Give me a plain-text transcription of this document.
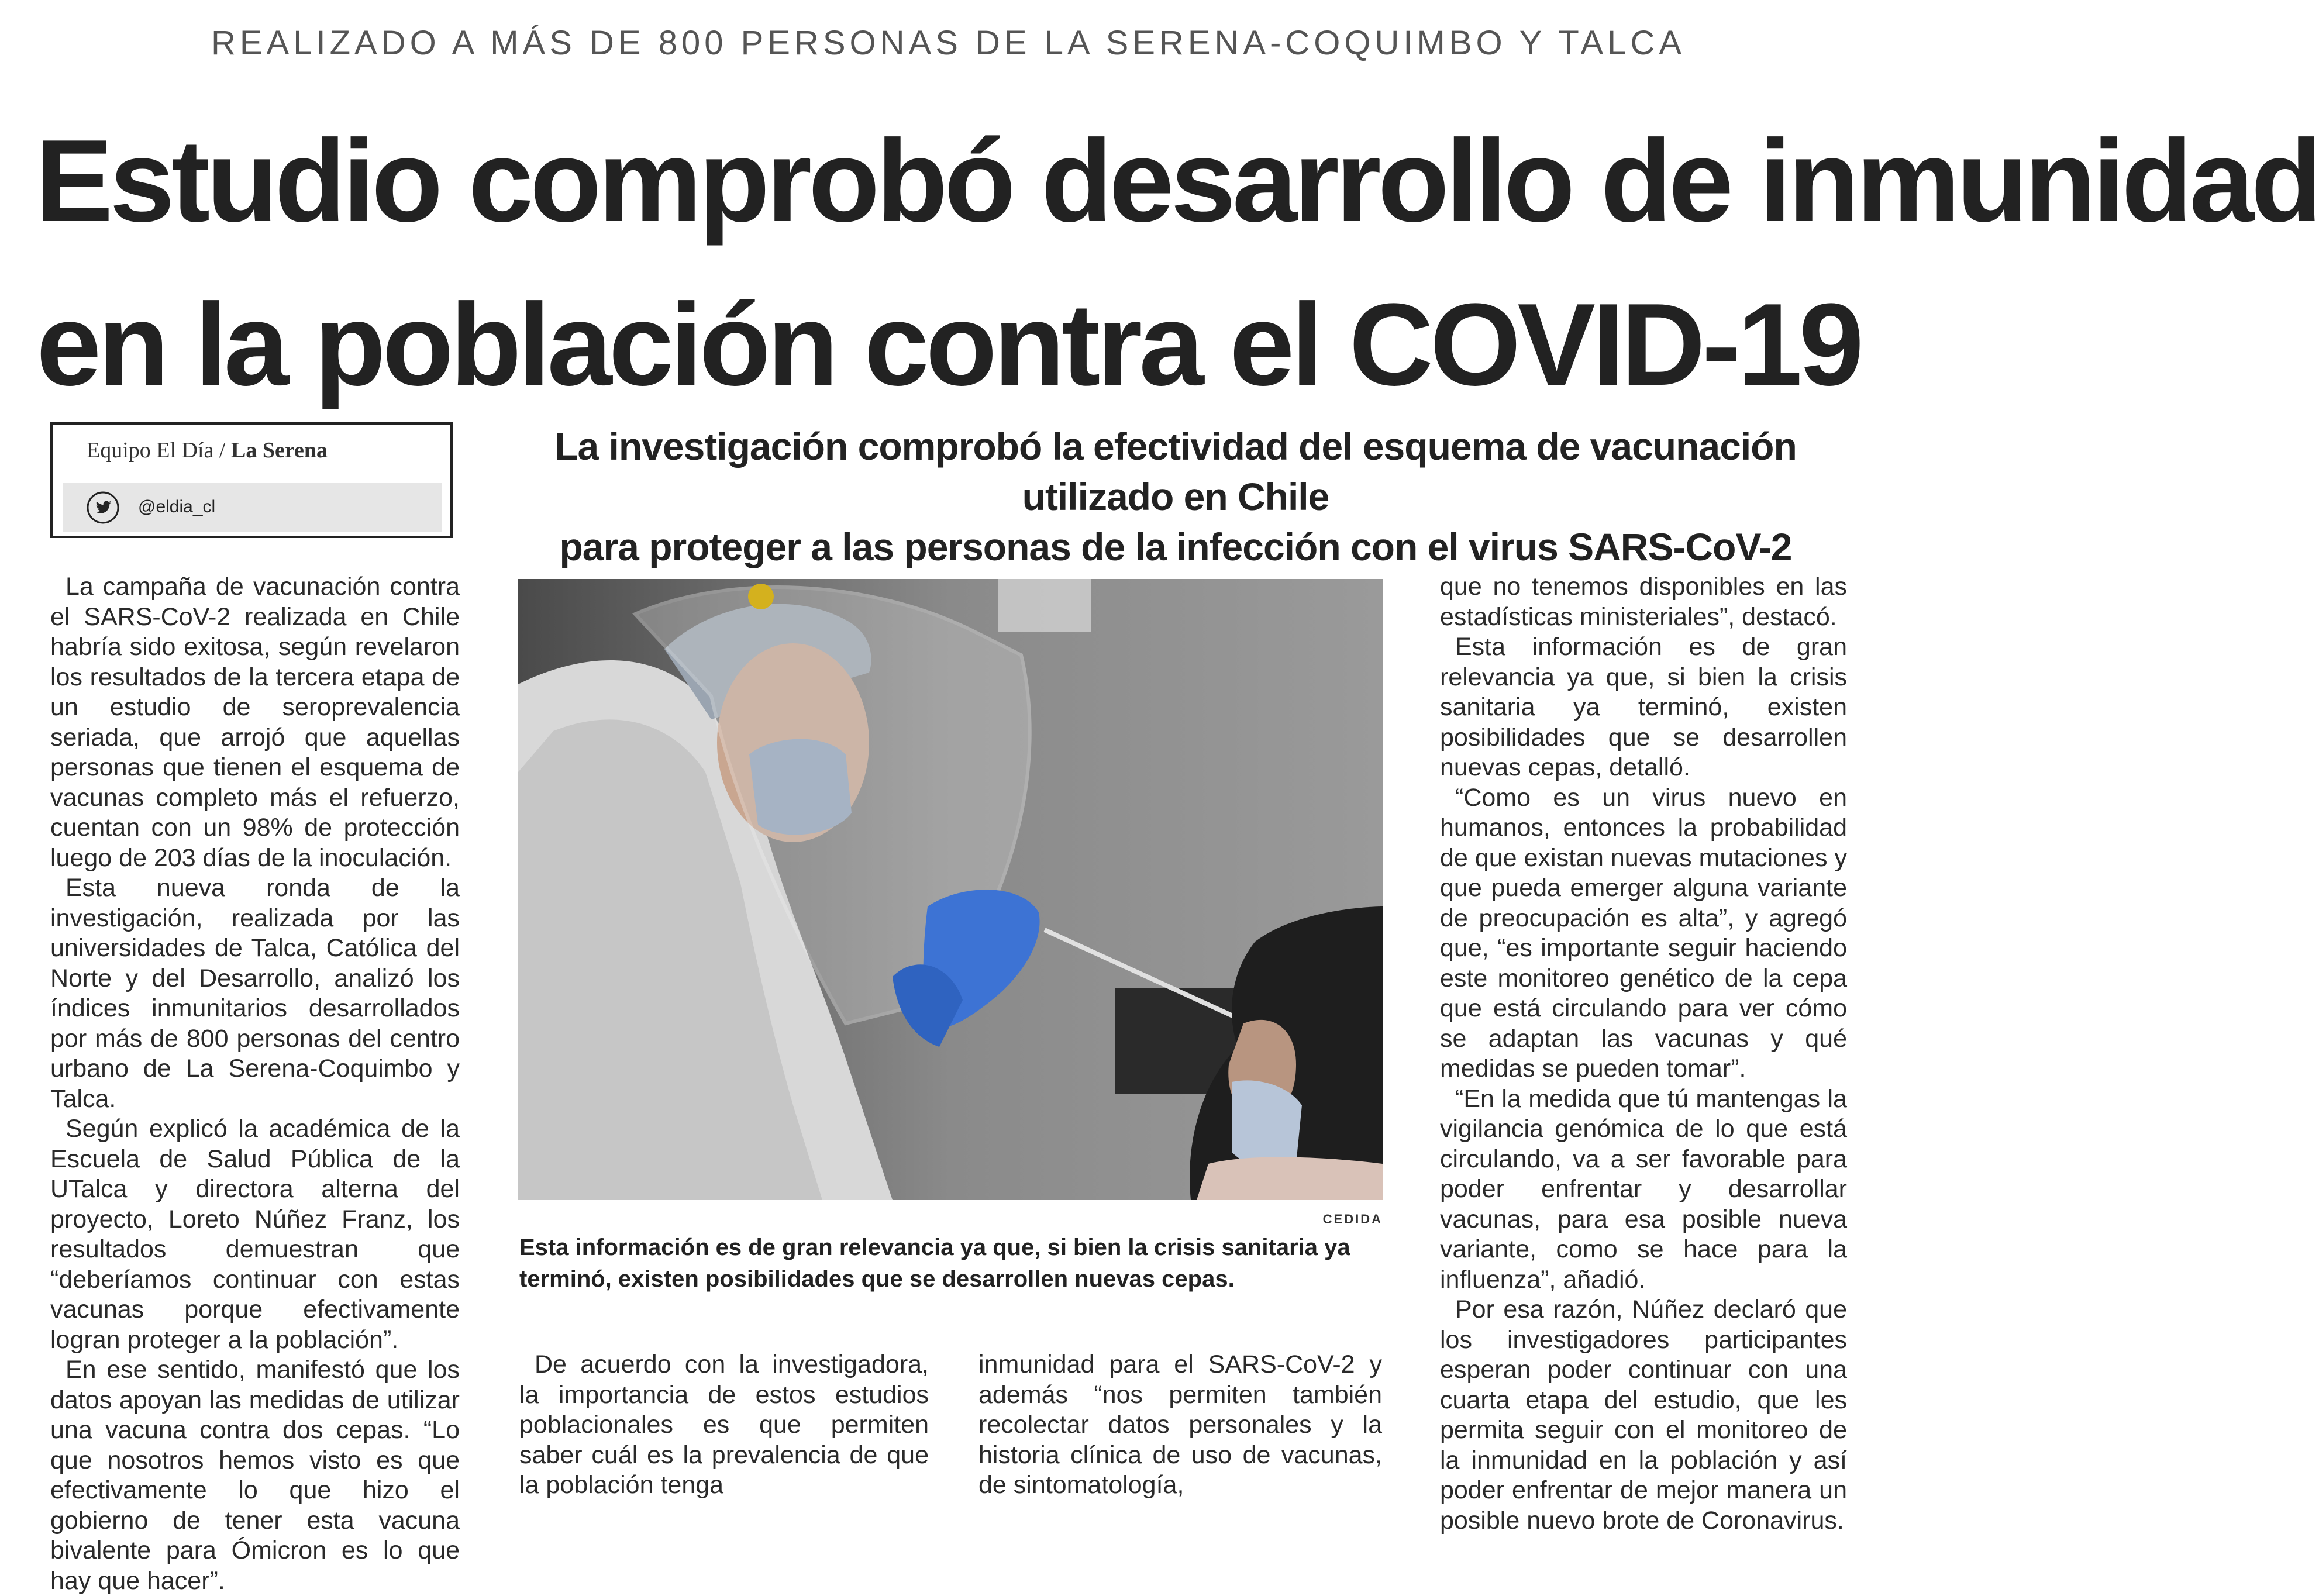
REALIZADO A MÁS DE 800 PERSONAS DE LA SERENA-COQUIMBO Y TALCA
Estudio comprobó desarrollo de inmunidad
en la población contra el COVID-19
Equipo El Día / La Serena
@eldia_cl
La investigación comprobó la efectividad del esquema de vacunación utilizado en Chile
para proteger a las personas de la infección con el virus SARS-CoV-2

La campaña de vacunación contra el SARS-CoV-2 realizada en Chile habría sido exitosa, según revelaron los resultados de la tercera etapa de un estudio de seroprevalencia seriada, que arrojó que aquellas personas que tienen el esquema de vacunas completo más el refuerzo, cuentan con un 98% de protección luego de 203 días de la inoculación.

Esta nueva ronda de la investigación, realizada por las universidades de Talca, Católica del Norte y del Desarrollo, analizó los índices inmunitarios desarrollados por más de 800 personas del centro urbano de La Serena-Coquimbo y Talca.

Según explicó la académica de la Escuela de Salud Pública de la UTalca y directora alterna del proyecto, Loreto Núñez Franz, los resultados demuestran que “deberíamos continuar con estas vacunas porque efectivamente logran proteger a la población”.

En ese sentido, manifestó que los datos apoyan las medidas de utilizar una vacuna contra dos cepas. “Lo que nosotros hemos visto es que efectivamente lo que hizo el gobierno de tener esta vacuna bivalente para Ómicron es lo que hay que hacer”.

CEDIDA
Esta información es de gran relevancia ya que, si bien la crisis sanitaria ya terminó, existen posibilidades que se desarrollen nuevas cepas.

De acuerdo con la investigadora, la importancia de estos estudios poblacionales es que permiten saber cuál es la prevalencia de que la población tenga

inmunidad para el SARS-CoV-2 y además “nos permiten también recolectar datos personales y la historia clínica de uso de vacunas, de sintomatología,

que no tenemos disponibles en las estadísticas ministeriales”, destacó.

Esta información es de gran relevancia ya que, si bien la crisis sanitaria ya terminó, existen posibilidades que se desarrollen nuevas cepas, detalló.

“Como es un virus nuevo en humanos, entonces la probabilidad de que existan nuevas mutaciones y que pueda emerger alguna variante de preocupación es alta”, y agregó que, “es importante seguir haciendo este monitoreo genético de la cepa que está circulando para ver cómo se adaptan las vacunas y qué medidas se pueden tomar”.

“En la medida que tú mantengas la vigilancia genómica de lo que está circulando, va a ser favorable para poder enfrentar y desarrollar vacunas, para esa posible nueva variante, como se hace para la influenza”, añadió.

Por esa razón, Núñez declaró que los investigadores participantes esperan poder continuar con una cuarta etapa del estudio, que les permita seguir con el monitoreo de la inmunidad en la población y así poder enfrentar de mejor manera un posible nuevo brote de Coronavirus.
